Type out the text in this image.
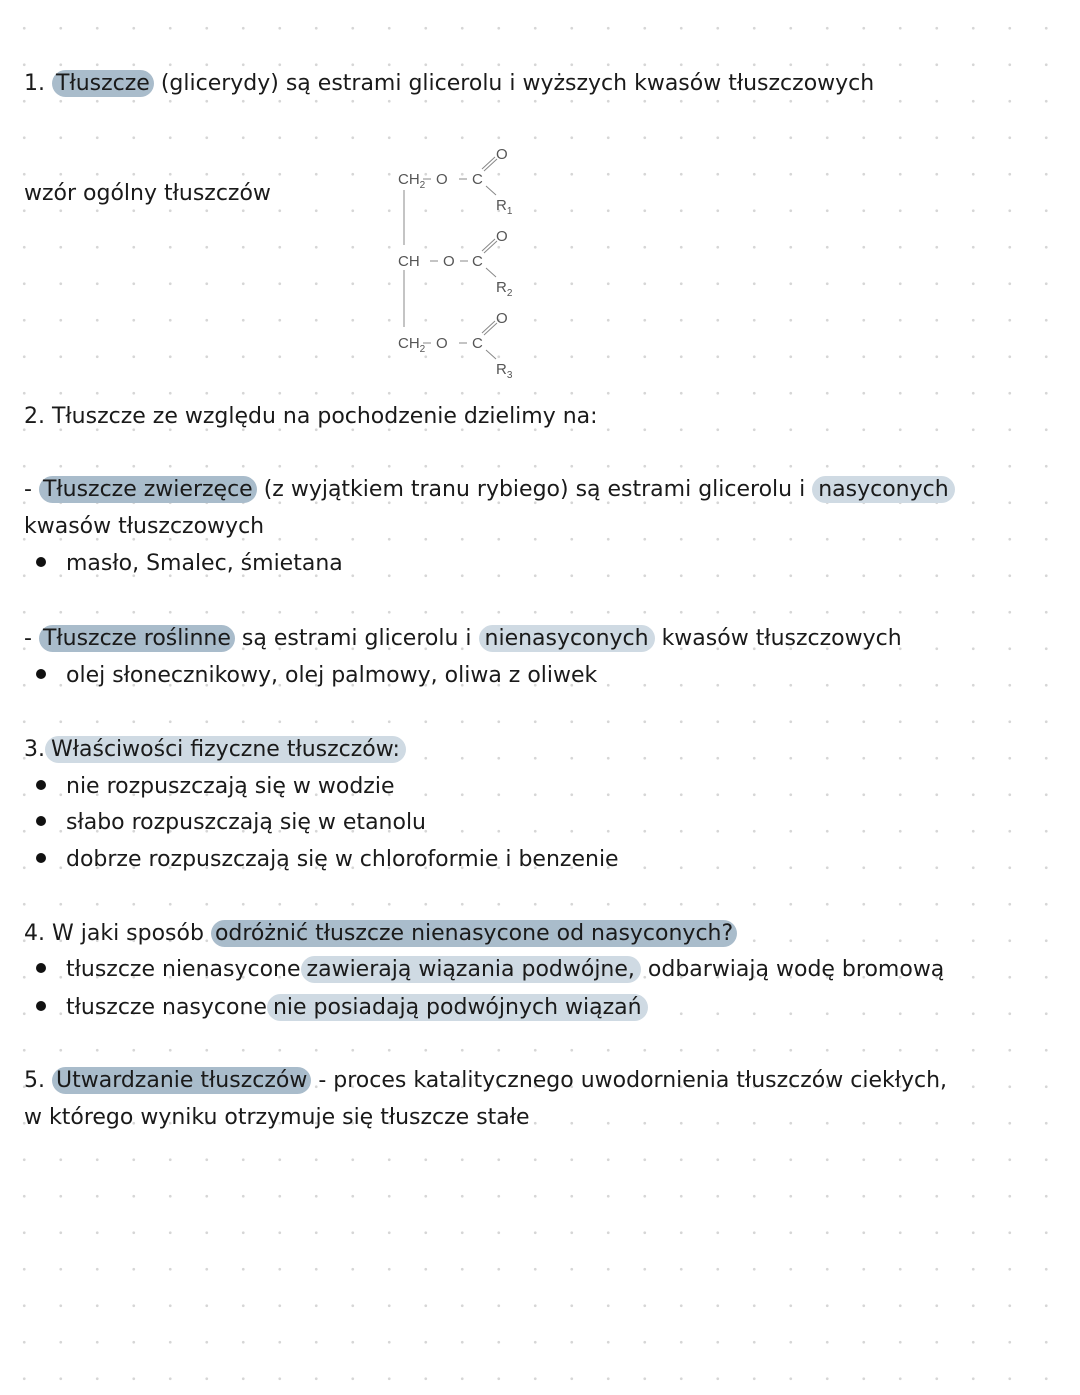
1. Tłuszcze (glicerydy) są estrami glicerolu i wyższych kwasów tłuszczowych
wzór ogólny tłuszczów
$CH_2$ O C
O
$R_1$
CH O C
O
$R_2$
$CH_2$ O C
O
$R_3$
2. Tłuszcze ze względu na pochodzenie dzielimy na:
- Tłuszcze zwierzęce (z wyjątkiem tranu rybiego) są estrami glicerolu i nasyconych
kwasów tłuszczowych
masło, Smalec, śmietana
- Tłuszcze roślinne są estrami glicerolu i nienasyconych kwasów tłuszczowych
olej słonecznikowy, olej palmowy, oliwa z oliwek
3. Właściwości fizyczne tłuszczów:
nie rozpuszczają się w wodzie
słabo rozpuszczają się w etanolu
dobrze rozpuszczają się w chloroformie i benzenie
4. W jaki sposób odróżnić tłuszcze nienasycone od nasyconych?
tłuszcze nienasycone zawierają wiązania podwójne, odbarwiają wodę bromową
tłuszcze nasycone nie posiadają podwójnych wiązań
5. Utwardzanie tłuszczów - proces katalitycznego uwodornienia tłuszczów ciekłych,
w którego wyniku otrzymuje się tłuszcze stałe
